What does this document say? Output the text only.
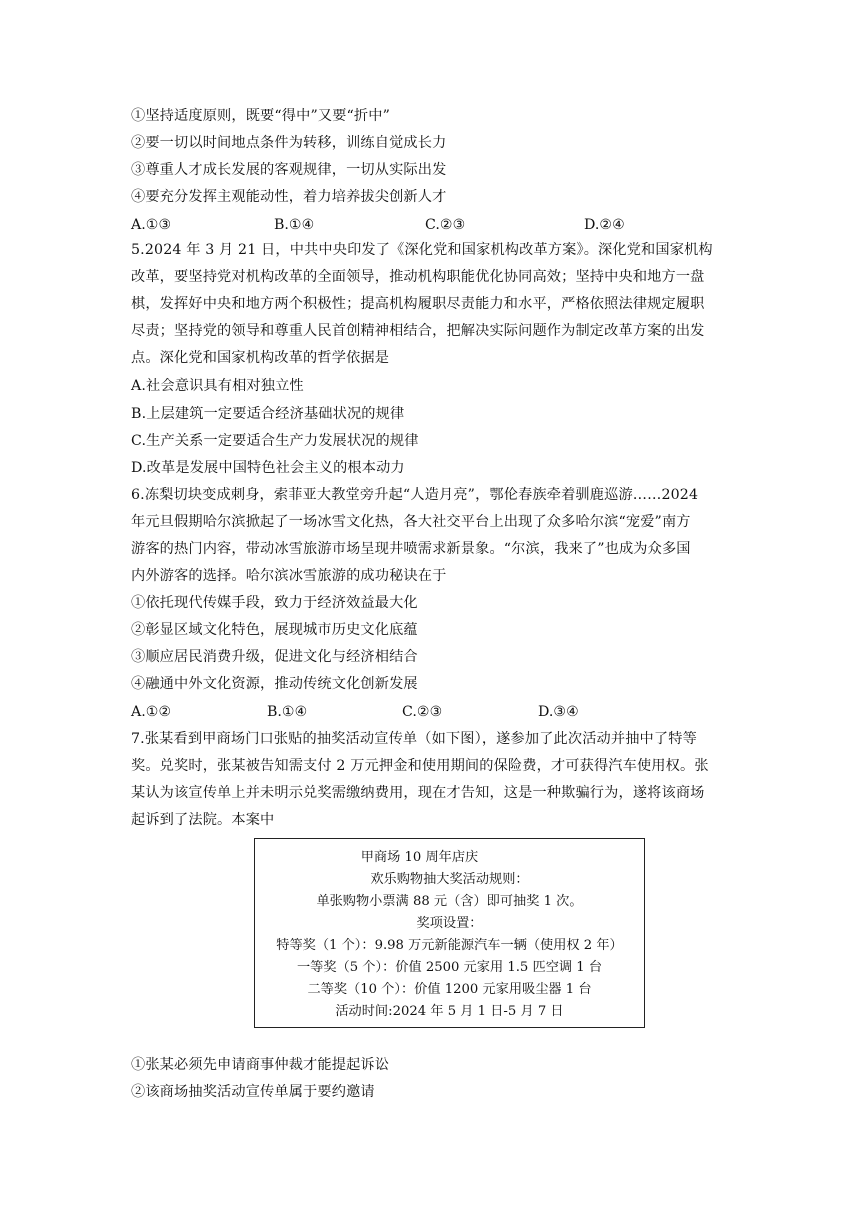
①坚持适度原则，既要“得中”又要“折中”
②要一切以时间地点条件为转移，训练自觉成长力
③尊重人才成长发展的客观规律，一切从实际出发
④要充分发挥主观能动性，着力培养拔尖创新人才
A.①③	B.①④	C.②③	D.②④
5.2024 年 3 月 21 日，中共中央印发了《深化党和国家机构改革方案》。深化党和国家机构
改革，要坚持党对机构改革的全面领导，推动机构职能优化协同高效；坚持中央和地方一盘
棋，发挥好中央和地方两个积极性；提高机构履职尽责能力和水平，严格依照法律规定履职
尽责；坚持党的领导和尊重人民首创精神相结合，把解决实际问题作为制定改革方案的出发
点。深化党和国家机构改革的哲学依据是
A.社会意识具有相对独立性
B.上层建筑一定要适合经济基础状况的规律
C.生产关系一定要适合生产力发展状况的规律
D.改革是发展中国特色社会主义的根本动力
6.冻梨切块变成刺身，索菲亚大教堂旁升起“人造月亮”，鄂伦春族牵着驯鹿巡游……2024
年元旦假期哈尔滨掀起了一场冰雪文化热，各大社交平台上出现了众多哈尔滨“宠爱”南方
游客的热门内容，带动冰雪旅游市场呈现井喷需求新景象。“尔滨，我来了”也成为众多国
内外游客的选择。哈尔滨冰雪旅游的成功秘诀在于
①依托现代传媒手段，致力于经济效益最大化
②彰显区域文化特色，展现城市历史文化底蕴
③顺应居民消费升级，促进文化与经济相结合
④融通中外文化资源，推动传统文化创新发展
A.①②	B.①④	C.②③	D.③④
7.张某看到甲商场门口张贴的抽奖活动宣传单（如下图），遂参加了此次活动并抽中了特等
奖。兑奖时，张某被告知需支付 2 万元押金和使用期间的保险费，才可获得汽车使用权。张
某认为该宣传单上并未明示兑奖需缴纳费用，现在才告知，这是一种欺骗行为，遂将该商场
起诉到了法院。本案中
甲商场 10 周年店庆
欢乐购物抽大奖活动规则：
单张购物小票满 88 元（含）即可抽奖 1 次。
奖项设置：
特等奖（1 个）：9.98 万元新能源汽车一辆（使用权 2 年）
一等奖（5 个）：价值 2500 元家用 1.5 匹空调 1 台
二等奖（10 个）：价值 1200 元家用吸尘器 1 台
活动时间:2024 年 5 月 1 日-5 月 7 日
①张某必须先申请商事仲裁才能提起诉讼
②该商场抽奖活动宣传单属于要约邀请
